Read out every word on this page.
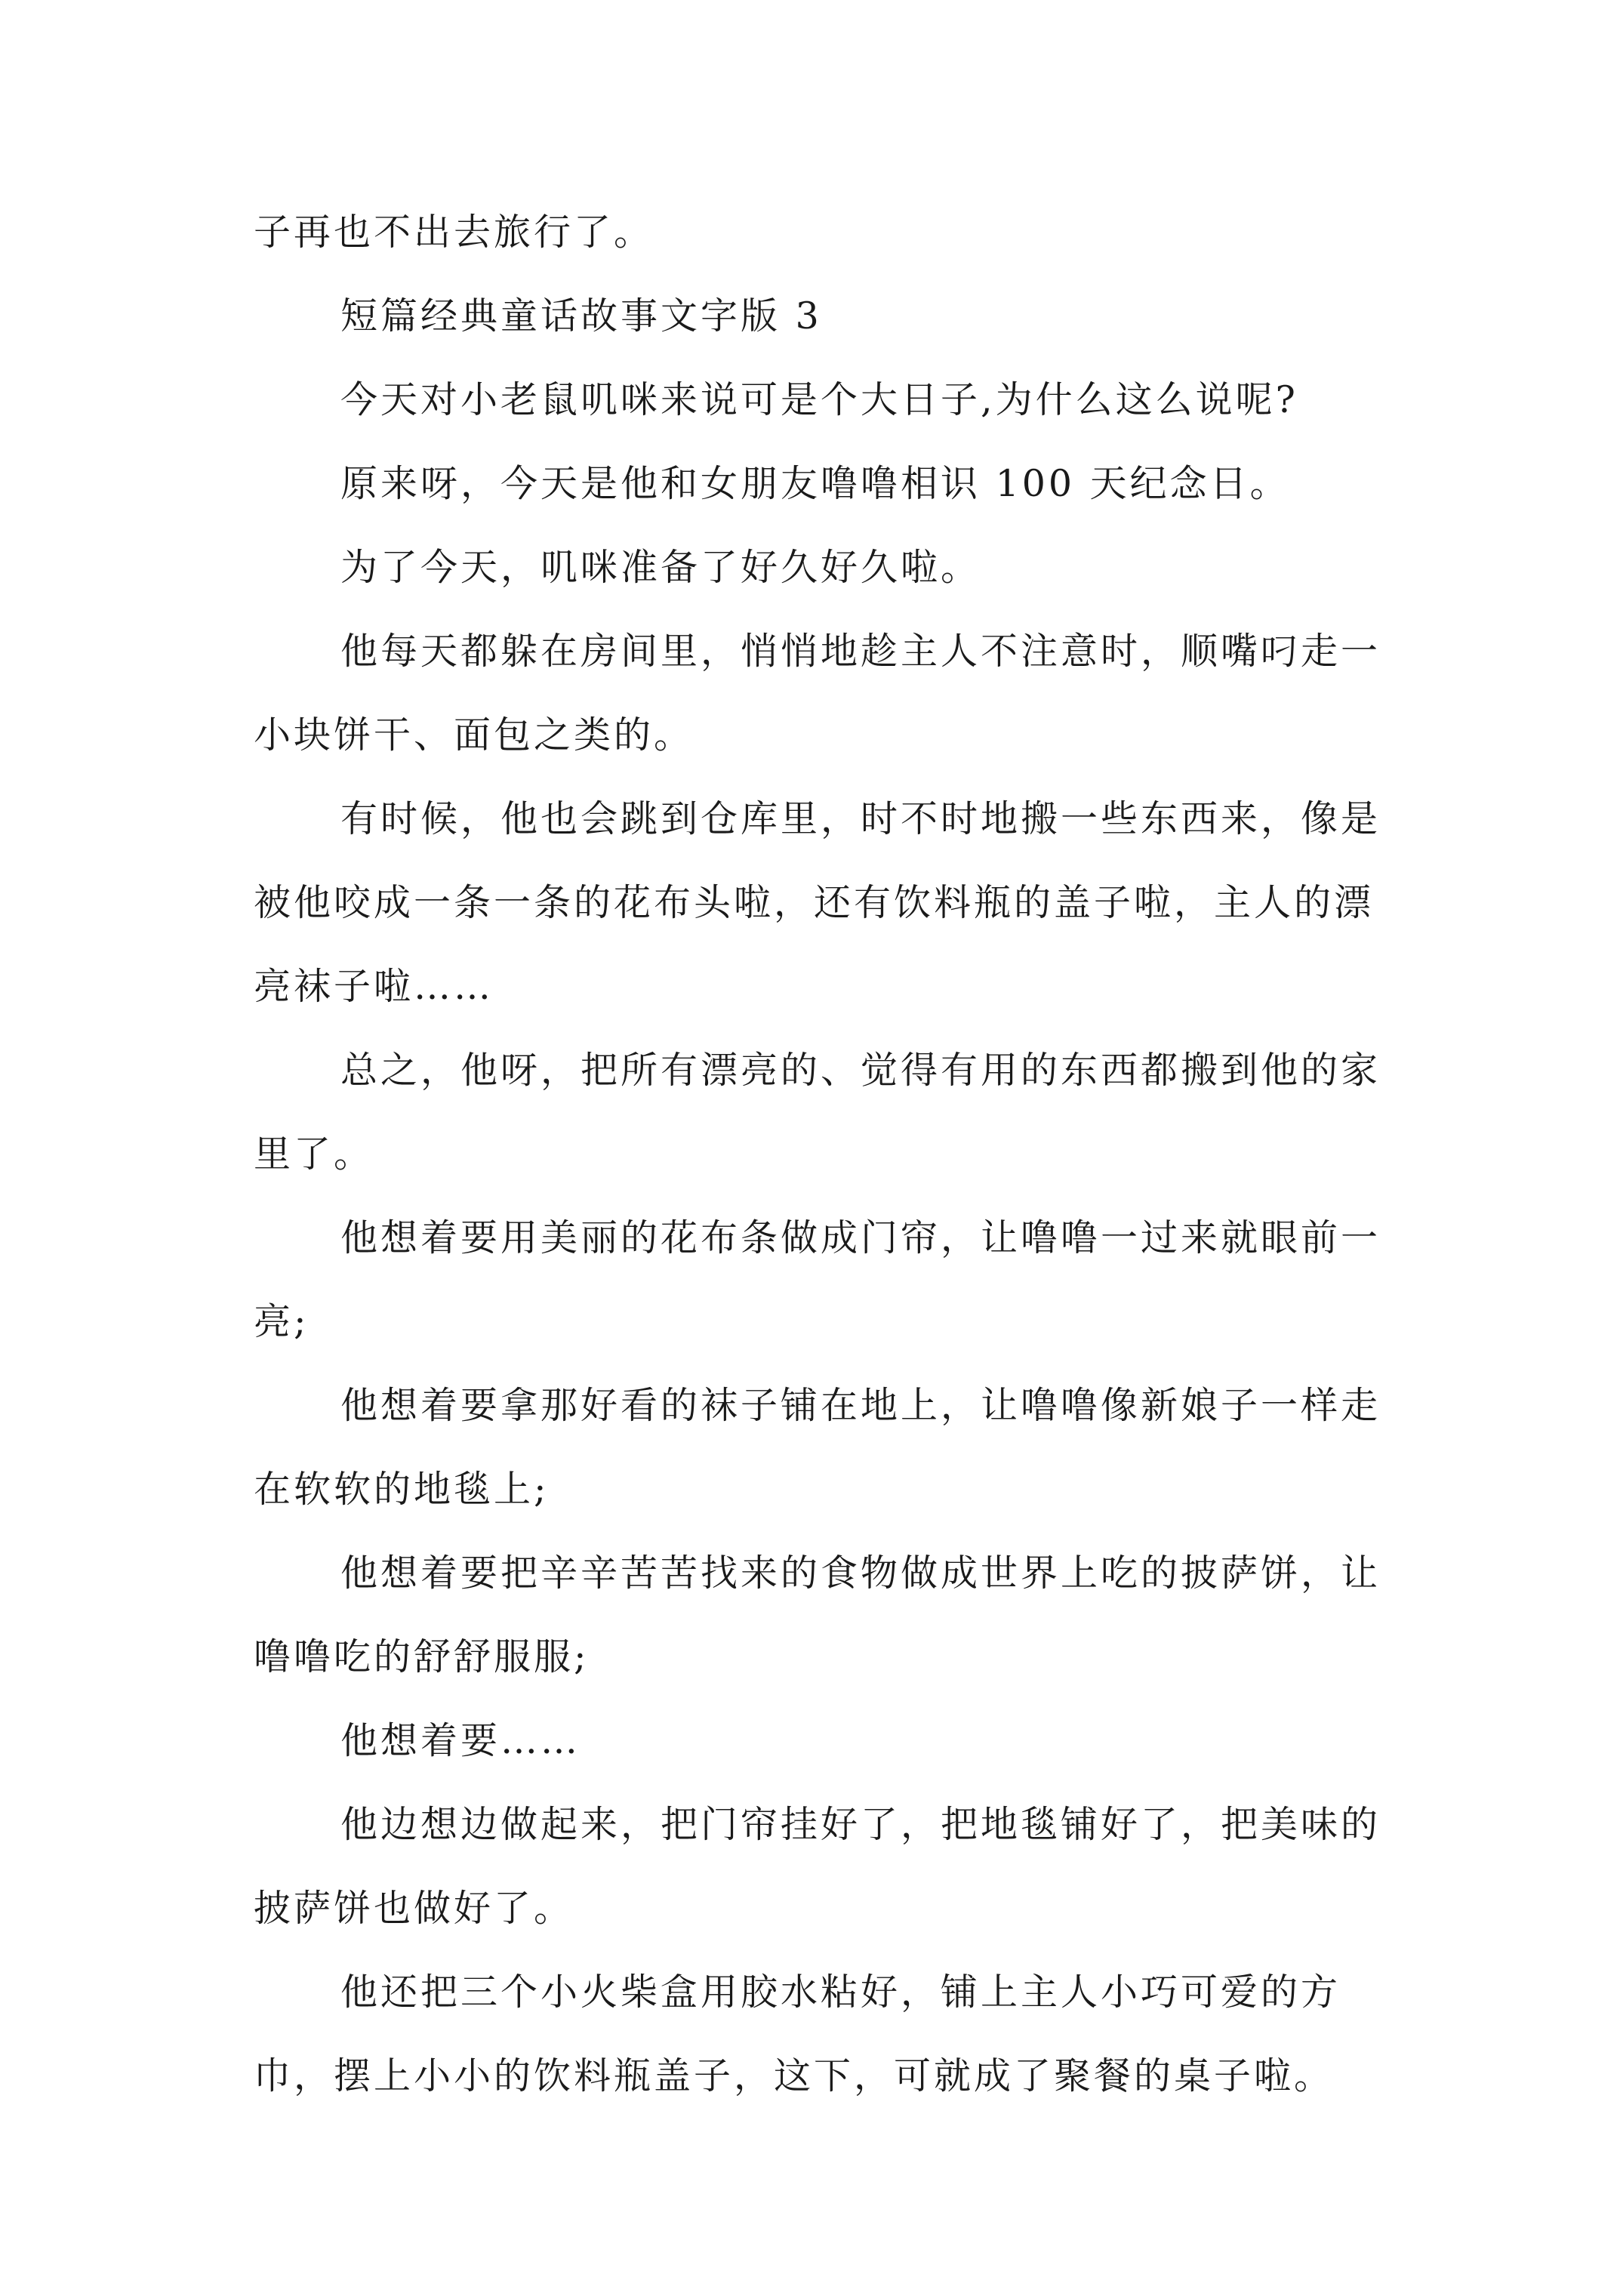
子再也不出去旅行了。

短篇经典童话故事文字版 3

今天对小老鼠叽咪来说可是个大日子,为什么这么说呢?

原来呀，今天是他和女朋友噜噜相识 100 天纪念日。

为了今天，叽咪准备了好久好久啦。

他每天都躲在房间里，悄悄地趁主人不注意时，顺嘴叼走一小块饼干、面包之类的。

有时候，他也会跳到仓库里，时不时地搬一些东西来，像是被他咬成一条一条的花布头啦，还有饮料瓶的盖子啦，主人的漂亮袜子啦……

总之，他呀，把所有漂亮的、觉得有用的东西都搬到他的家里了。

他想着要用美丽的花布条做成门帘，让噜噜一过来就眼前一亮;

他想着要拿那好看的袜子铺在地上，让噜噜像新娘子一样走在软软的地毯上;

他想着要把辛辛苦苦找来的食物做成世界上吃的披萨饼，让噜噜吃的舒舒服服;

他想着要……

他边想边做起来，把门帘挂好了，把地毯铺好了，把美味的披萨饼也做好了。

他还把三个小火柴盒用胶水粘好，铺上主人小巧可爱的方巾，摆上小小的饮料瓶盖子，这下，可就成了聚餐的桌子啦。
